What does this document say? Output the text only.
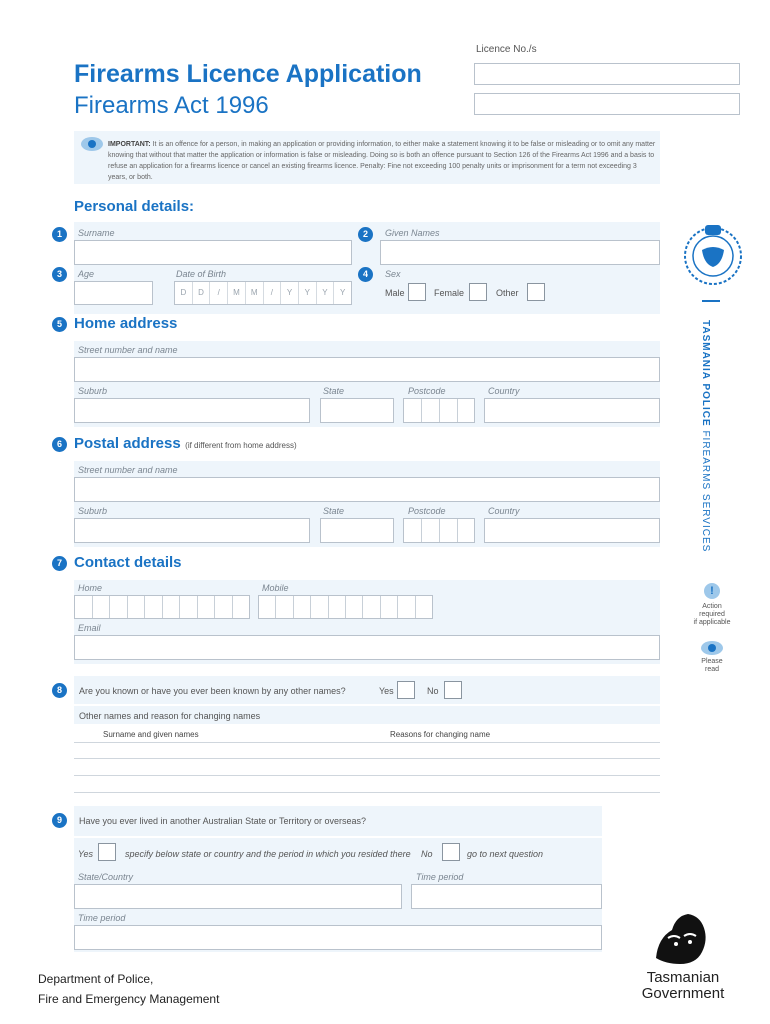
Firearms Licence Application
Firearms Act 1996
Licence No./s
IMPORTANT: It is an offence for a person, in making an application or providing information, to either make a statement knowing it to be false or misleading or to omit any matter knowing that without that matter the application or information is false or misleading. Doing so is both an offence pursuant to Section 126 of the Firearms Act 1996 and a basis to refuse an application for a firearms licence or cancel an existing firearms licence. Penalty: Fine not exceeding 100 penalty units or imprisonment for a term not exceeding 3 years, or both.
Personal details:
1	Surname	2	Given Names
3	Age	Date of Birth
D	D	/	M	M	/	Y	Y	Y	Y
4	Sex
Male	Female	Other
5 Home address
Street number and name
Suburb	State	Postcode	Country
6 Postal address (if different from home address)
Street number and name
Suburb	State	Postcode	Country
7 Contact details
Home	Mobile
Email
8	Are you known or have you ever been known by any other names?	Yes	No
Other names and reason for changing names
Surname and given names	Reasons for changing name
9	Have you ever lived in another Australian State or Territory or overseas?
Yes	specify below state or country and the period in which you resided there No	go to next question
State/Country	Time period
Time period
TASMANIA POLICE FIREARMS SERVICES
!
Action
required
if applicable
Please
read
Department of Police,
Fire and Emergency Management
Tasmanian
Government
